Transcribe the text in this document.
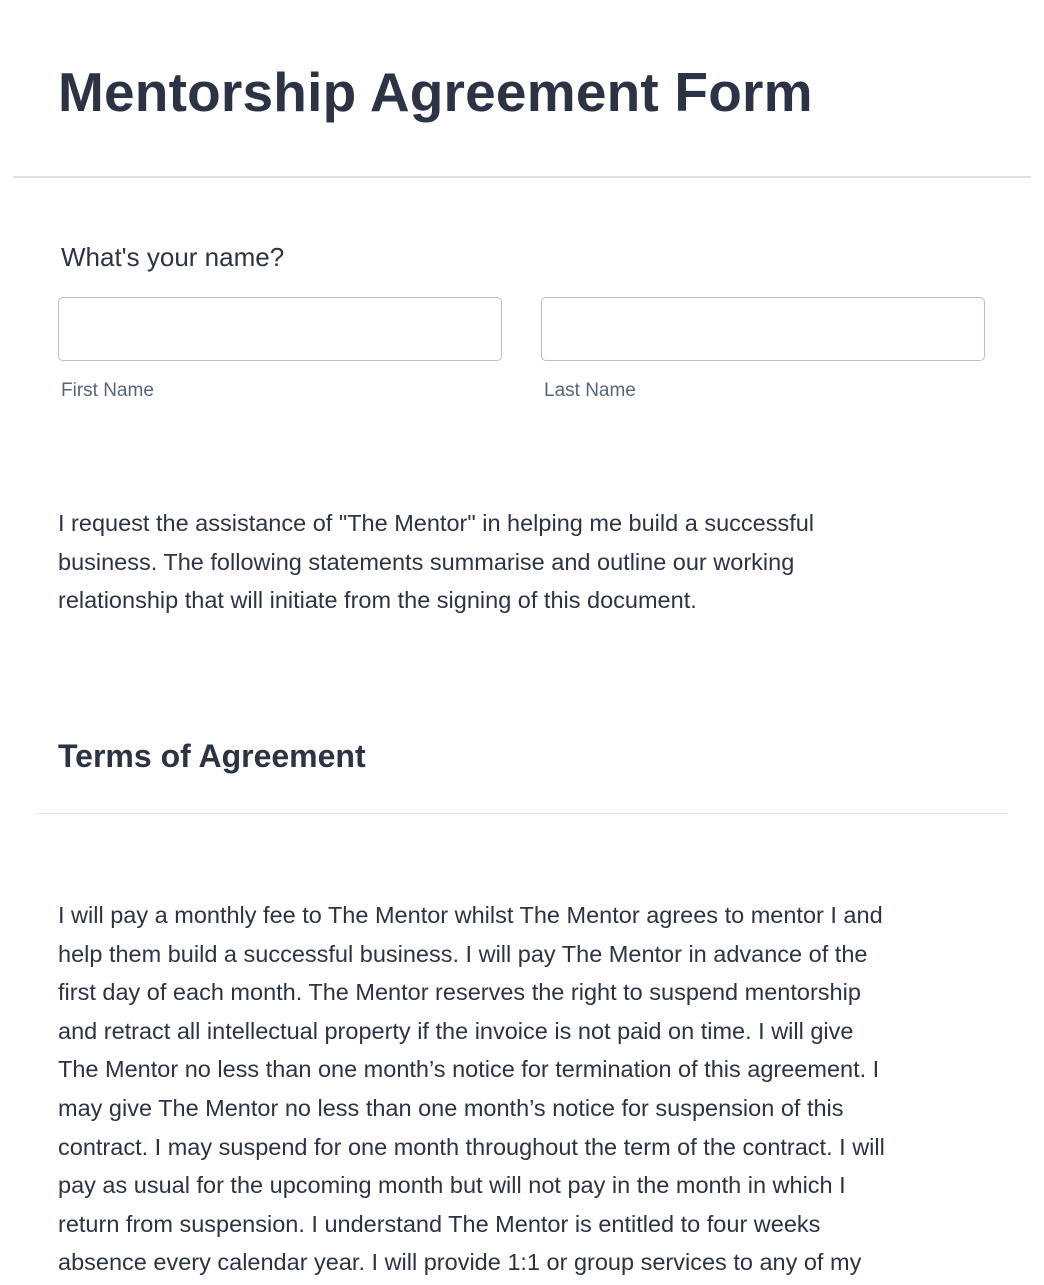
Mentorship Agreement Form
What's your name?
First Name	Last Name

I request the assistance of "The Mentor" in helping me build a successful
business. The following statements summarise and outline our working
relationship that will initiate from the signing of this document.

Terms of Agreement

I will pay a monthly fee to The Mentor whilst The Mentor agrees to mentor I and
help them build a successful business. I will pay The Mentor in advance of the
first day of each month. The Mentor reserves the right to suspend mentorship
and retract all intellectual property if the invoice is not paid on time. I will give
The Mentor no less than one month’s notice for termination of this agreement. I
may give The Mentor no less than one month’s notice for suspension of this
contract. I may suspend for one month throughout the term of the contract. I will
pay as usual for the upcoming month but will not pay in the month in which I
return from suspension. I understand The Mentor is entitled to four weeks
absence every calendar year. I will provide 1:1 or group services to any of my
